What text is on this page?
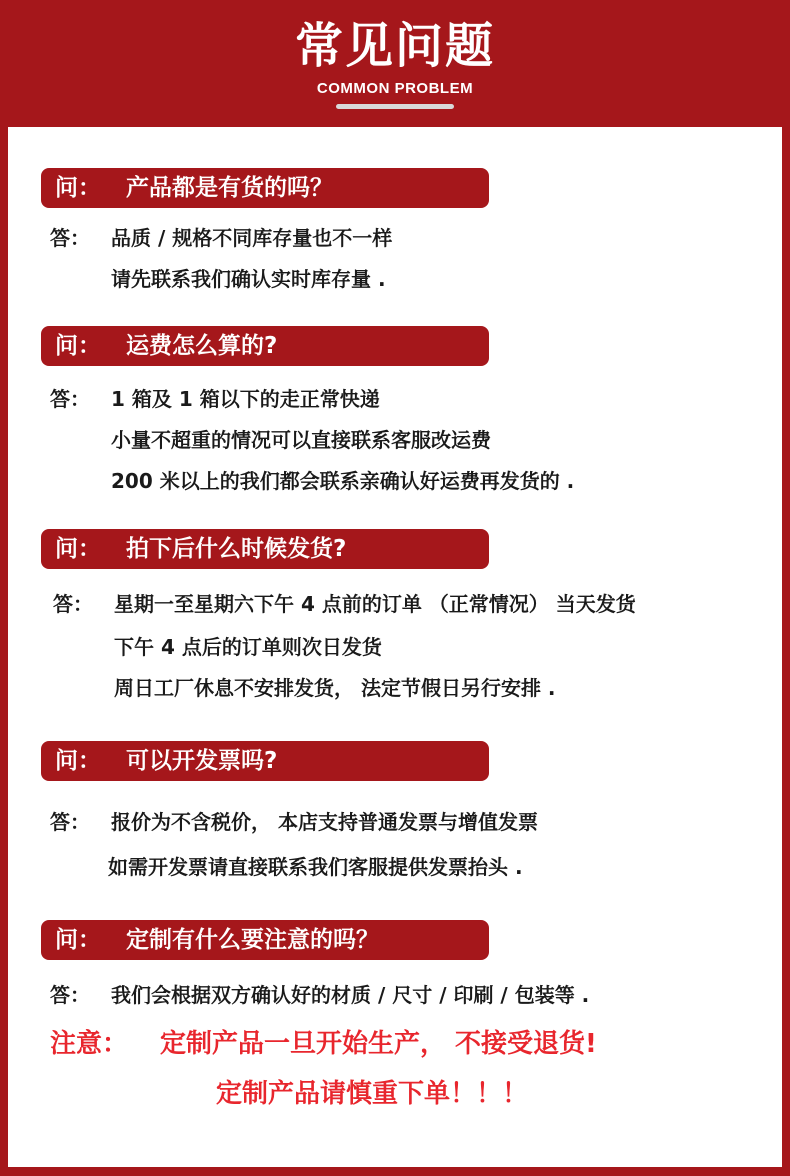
常见问题
COMMON PROBLEM
问： 产品都是有货的吗？
答： 品质 / 规格不同库存量也不一样
请先联系我们确认实时库存量 .
问： 运费怎么算的?
答： 1 箱及 1 箱以下的走正常快递
小量不超重的情况可以直接联系客服改运费
200 米以上的我们都会联系亲确认好运费再发货的 .
问： 拍下后什么时候发货?
答： 星期一至星期六下午 4 点前的订单 （正常情况） 当天发货
下午 4 点后的订单则次日发货
周日工厂休息不安排发货， 法定节假日另行安排 .
问： 可以开发票吗?
答： 报价为不含税价， 本店支持普通发票与增值发票
如需开发票请直接联系我们客服提供发票抬头 .
问： 定制有什么要注意的吗？
答： 我们会根据双方确认好的材质 / 尺寸 / 印刷 / 包装等 .
注意： 定制产品一旦开始生产， 不接受退货!
定制产品请慎重下单！！！
